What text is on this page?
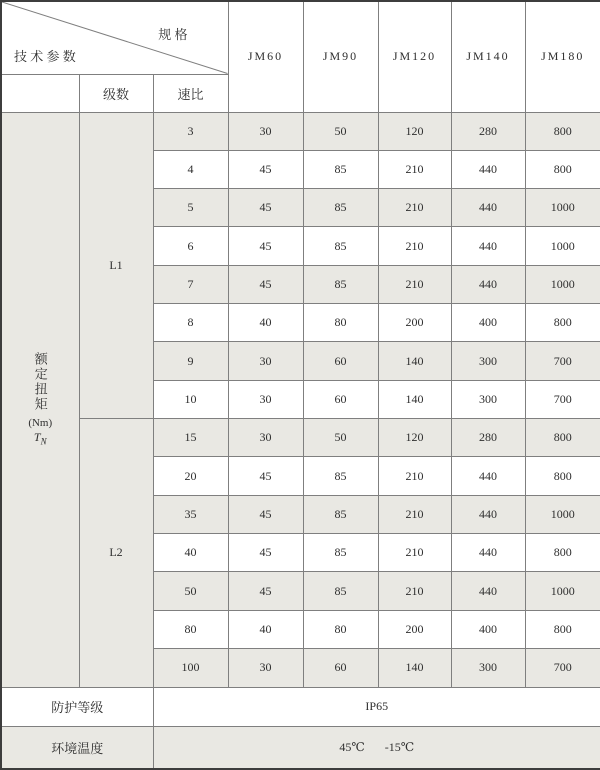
规 格
技 术 参 数			JM60	JM90	JM120	JM140	JM180
	级数	速比					

额定扭矩
(Nm)
$T_N$	L1	3	30	50	120	280	800
		4	45	85	210	440	800
		5	45	85	210	440	1000
		6	45	85	210	440	1000
		7	45	85	210	440	1000
		8	40	80	200	400	800
		9	30	60	140	300	700
		10	30	60	140	300	700
	L2	15	30	50	120	280	800
		20	45	85	210	440	800
		35	45	85	210	440	1000
		40	45	85	210	440	800
		50	45	85	210	440	1000
		80	40	80	200	400	800
		100	30	60	140	300	700
防护等级		IP65					
环境温度		45℃ -15℃					
